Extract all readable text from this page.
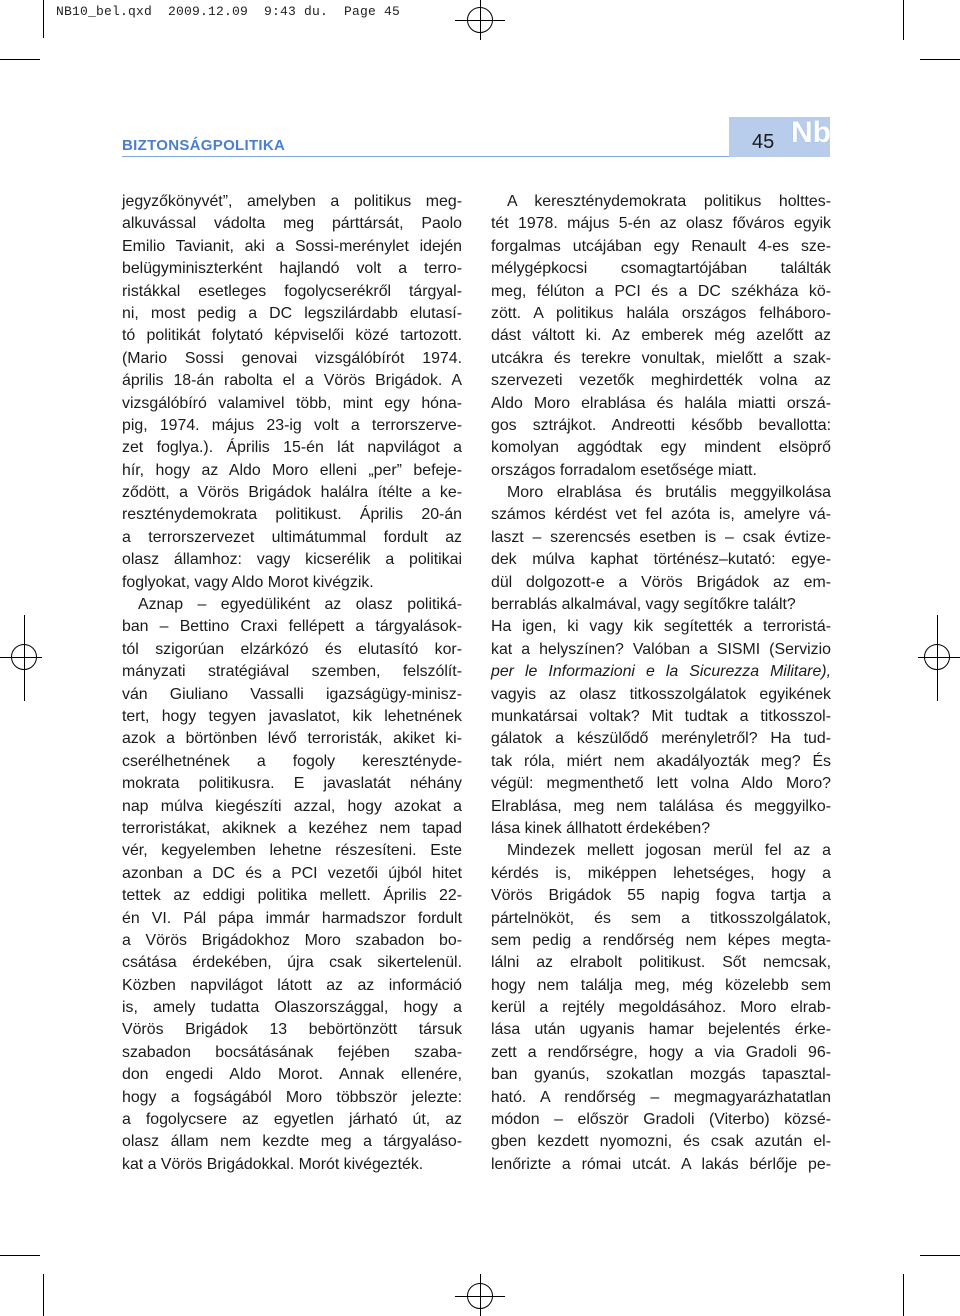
NB10_bel.qxd  2009.12.09  9:43 du.  Page 45
BIZTONSÁGPOLITIKA	45 Nb
jegyzőkönyvét”, amelyben a politikus meg-
alkuvással vádolta meg párttársát, Paolo
Emilio Tavianit, aki a Sossi-merénylet idején
belügyminiszterként hajlandó volt a terro-
ristákkal esetleges fogolycserékről tárgyal-
ni, most pedig a DC legszilárdabb elutasí-
tó politikát folytató képviselői közé tartozott.
(Mario Sossi genovai vizsgálóbírót 1974.
április 18-án rabolta el a Vörös Brigádok. A
vizsgálóbíró valamivel több, mint egy hóna-
pig, 1974. május 23-ig volt a terrorszerve-
zet foglya.). Április 15-én lát napvilágot a
hír, hogy az Aldo Moro elleni „per” befeje-
ződött, a Vörös Brigádok halálra ítélte a ke-
reszténydemokrata politikust. Április 20-án
a terrorszervezet ultimátummal fordult az
olasz államhoz: vagy kicserélik a politikai
foglyokat, vagy Aldo Morot kivégzik.
Aznap – egyedüliként az olasz politiká-
ban – Bettino Craxi fellépett a tárgyalások-
tól szigorúan elzárkózó és elutasító kor-
mányzati stratégiával szemben, felszólít-
ván Giuliano Vassalli igazságügy-minisz-
tert, hogy tegyen javaslatot, kik lehetnének
azok a börtönben lévő terroristák, akiket ki-
cserélhetnének a fogoly kereszténydе-
mokrata politikusra. E javaslatát néhány
nap múlva kiegészíti azzal, hogy azokat a
terroristákat, akiknek a kezéhez nem tapad
vér, kegyelemben lehetne részesíteni. Este
azonban a DC és a PCI vezetői újból hitet
tettek az eddigi politika mellett. Április 22-
én VI. Pál pápa immár harmadszor fordult
a Vörös Brigádokhoz Moro szabadon bo-
csátása érdekében, újra csak sikertelenül.
Közben napvilágot látott az az információ
is, amely tudatta Olaszországgal, hogy a
Vörös Brigádok 13 bebörtönzött társuk
szabadon bocsátásának fejében szaba-
don engedi Aldo Morot. Annak ellenére,
hogy a fogságából Moro többször jelezte:
a fogolycsere az egyetlen járható út, az
olasz állam nem kezdte meg a tárgyaláso-
kat a Vörös Brigádokkal. Morót kivégezték.
A kereszténydemokrata politikus holttes-
tét 1978. május 5-én az olasz főváros egyik
forgalmas utcájában egy Renault 4-es sze-
mélygépkocsi csomagtartójában találták
meg, félúton a PCI és a DC székháza kö-
zött. A politikus halála országos felháboro-
dást váltott ki. Az emberek még azelőtt az
utcákra és terekre vonultak, mielőtt a szak-
szervezeti vezetők meghirdették volna az
Aldo Moro elrablása és halála miatti orszá-
gos sztrájkot. Andreotti később bevallotta:
komolyan aggódtak egy mindent elsöprő
országos forradalom esetősége miatt.
Moro elrablása és brutális meggyilkolása
számos kérdést vet fel azóta is, amelyre vá-
laszt – szerencsés esetben is – csak évtize-
dek múlva kaphat történész–kutató: egye-
dül dolgozott-e a Vörös Brigádok az em-
berrablás alkalmával, vagy segítőkre talált?
Ha igen, ki vagy kik segítették a terroristá-
kat a helyszínen? Valóban a SISMI (Servizio
per le Informazioni e la Sicurezza Militare),
vagyis az olasz titkosszolgálatok egyikének
munkatársai voltak? Mit tudtak a titkosszol-
gálatok a készülődő merényletről? Ha tud-
tak róla, miért nem akadályozták meg? És
végül: megmenthető lett volna Aldo Moro?
Elrablása, meg nem találása és meggyilko-
lása kinek állhatott érdekében?
Mindezek mellett jogosan merül fel az a
kérdés is, miképpen lehetséges, hogy a
Vörös Brigádok 55 napig fogva tartja a
pártelnököt, és sem a titkosszolgálatok,
sem pedig a rendőrség nem képes megta-
lálni az elrabolt politikust. Sőt nemcsak,
hogy nem találja meg, még közelebb sem
kerül a rejtély megoldásához. Moro elrab-
lása után ugyanis hamar bejelentés érke-
zett a rendőrségre, hogy a via Gradoli 96-
ban gyanús, szokatlan mozgás tapasztal-
ható. A rendőrség – megmagyarázhatatlan
módon – először Gradoli (Viterbo) közsé-
gben kezdett nyomozni, és csak azután el-
lenőrizte a római utcát. A lakás bérlője pe-
